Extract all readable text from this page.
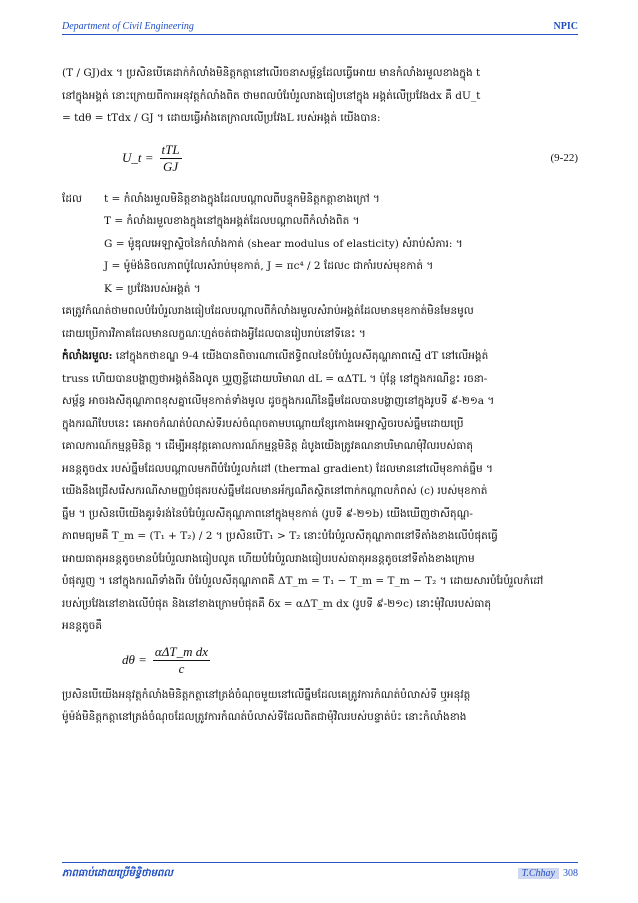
Department of Civil Engineering	NPIC

(T / GJ)dx ។ ប្រសិនបើគេដាក់កំលាំងមិនិត្តកត្តានៅលើរចនាសម្ព័ន្ធដែលធ្វើអោយ មានកំលាំងរមួលខាងក្នុង t
នៅក្នុងអង្គត់ នោះក្រោយពីការអនុវត្តកំលាំងពិត ថាមពលបំរែបំរួលរាងធៀបនៅក្នុង អង្គត់លើប្រវែងdx គឺ dU_t
= tdθ = tTdx / GJ ។ ដោយធ្វើអាំងតេក្រាលលើប្រវែងL របស់អង្គត់ យើងបាន:

U_t = $\frac{\text{tTL}}{GJ}$	(9-22)
ដែល	t = កំលាំងរមួលមិនិត្តខាងក្នុងដែលបណ្តាលពីបន្ទុកមិនិត្តកត្តាខាងក្រៅ ។
T = កំលាំងរមួលខាងក្នុងនៅក្នុងអង្គត់ដែលបណ្តាលពីកំលាំងពិត ។
G = ម៉ូឌុលអេឡាស្ទិចនៃកំលាំងកាត់ (shear modulus of elasticity) សំរាប់សំភារ: ។
J = ម៉ូម៉ង់និចលភាពប៉ូលែរសំរាប់មុខកាត់, J = πc⁴ / 2 ដែលc ជាកាំរបស់មុខកាត់ ។
K = ប្រវែងរបស់អង្គត់ ។

គេត្រូវកំណត់ថាមពលបំរែបំរួលរាងធៀបដែលបណ្តាលពីកំលាំងរមួលសំរាប់អង្គត់ដែលមានមុខកាត់មិនមែនមូល
ដោយប្រើការវិភាគដែលមានលក្ខណៈហ្មត់ចត់ជាងអ្វីដែលបានរៀបរាប់នៅទីនេះ ។

កំលាំងរមួល: នៅក្នុងកថាខណ្ឌ 9-4 យើងបានពិចារណាលើឥទ្ធិពលនៃបំរែបំរួលសីតុណ្ហភាពស្មើ dT នៅលើអង្គត់
truss ហើយបានបង្ហាញថាអង្គត់នឹងលូត ឬរួញខ្លីដោយបរិមាណ dL = αΔTL ។ ប៉ុន្តែ នៅក្នុងករណីខ្លះ រចនា-
សម្ព័ន្ធ អាចរងសីតុណ្ហភាពខុសគ្នាលើមុខកាត់ទាំងមូល ដូចក្នុងករណីនៃធ្នឹមដែលបានបង្ហាញនៅក្នុងរូបទី ៩-២១a ។
ក្នុងករណីបែបនេះ គេអាចកំណត់បំលាស់ទីរបស់ចំណុចតាមបណ្តោយខ្សែកោងអេឡាស្ទិចរបស់ធ្នឹមដោយប្រើ
គោលការណ៍កម្មន្តមិនិត្ត ។ ដើម្បីអនុវត្តគោលការណ៍កម្មន្តមិនិត្ត ដំបូងយើងត្រូវគណនាបរិមាណមុំវិលរបស់ធាតុ
អនន្តតូចdx របស់ធ្នឹមដែលបណ្តាលមកពីបំរែបំរួលកំដៅ (thermal gradient) ដែលមាននៅលើមុខកាត់ធ្នឹម ។
យើងនឹងជ្រើសរើសករណីសាមញ្ញបំផុតរបស់ធ្នឹមដែលមានអ័ក្សណឺតស្ថិតនៅពាក់កណ្តាលកំពស់ (c) របស់មុខកាត់
ធ្នឹម ។ ប្រសិនបើយើងគូរទំរង់នៃបំរែបំរួលសីតុណ្ហភាពនៅក្នុងមុខកាត់ (រូបទី ៩-២១b) យើងឃើញថាសីតុណ្ហ-
ភាពមធ្យមគឺ T_m = (T₁ + T₂) / 2 ។ ប្រសិនបើT₁ > T₂ នោះបំរែបំរួលសីតុណ្ហភាពនៅទីតាំងខាងលើបំផុតធ្វើ
អោយធាតុអនន្តតូចមានបំរែបំរួលរាងធៀបលូត ហើយបំរែបំរួលរាងធៀបរបស់ធាតុអនន្តតូចនៅទីតាំងខាងក្រោម
បំផុតរួញ ។ នៅក្នុងករណីទាំងពីរ បំរែបំរួលសីតុណ្ហភាពគឺ ΔT_m = T₁ − T_m = T_m − T₂ ។ ដោយសារបំរែបំរួលកំដៅ
របស់ប្រវែងនៅខាងលើបំផុត និងនៅខាងក្រោមបំផុតគឺ δx = αΔT_m dx (រូបទី ៩-២១c) នោះមុំវិលរបស់ធាតុ
អនន្តតូចគឺ

$d\theta = \frac{\text{αΔT\_m dx}}{c}$

ប្រសិនបើយើងអនុវត្តកំលាំងមិនិត្តកត្តានៅត្រង់ចំណុចមួយនៅលើធ្នឹមដែលគេត្រូវការកំណត់បំលាស់ទី ឬអនុវត្ត
ម៉ូម៉ង់មិនិត្តកត្តានៅត្រង់ចំណុចដែលត្រូវការកំណត់បំលាស់ទីដែលពិតជាមុំវិលរបស់បន្ទាត់ប៉ះ នោះកំលាំងខាង

ភាពធាប់ដោយប្រើមិទ្ធិថាមពល	T.Chhay 308
